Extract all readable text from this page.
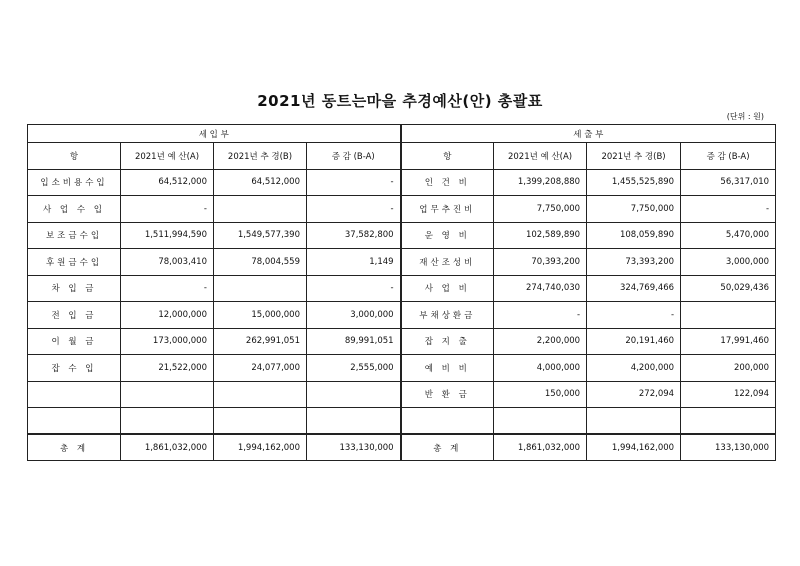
2021년 동트는마을 추경예산(안) 총괄표
(단위 : 원)
세 입 부				세 출 부			
항	2021년 예 산(A)	2021년 추 경(B)	증 감 (B-A)	항	2021년 예 산(A)	2021년 추 경(B)	증 감 (B-A)
입소비용수입	64,512,000	64,512,000	-	인 건 비	1,399,208,880	1,455,525,890	56,317,010
사 업 수 입	-		-	업무추진비	7,750,000	7,750,000	-
보조금수입	1,511,994,590	1,549,577,390	37,582,800	운 영 비	102,589,890	108,059,890	5,470,000
후원금수입	78,003,410	78,004,559	1,149	재산조성비	70,393,200	73,393,200	3,000,000
차 입 금	-		-	사 업 비	274,740,030	324,769,466	50,029,436
전 입 금	12,000,000	15,000,000	3,000,000	부채상환금	-	-	
이 월 금	173,000,000	262,991,051	89,991,051	잡 지 출	2,200,000	20,191,460	17,991,460
잡 수 입	21,522,000	24,077,000	2,555,000	예 비 비	4,000,000	4,200,000	200,000
				반 환 금	150,000	272,094	122,094

총 계	1,861,032,000	1,994,162,000	133,130,000	총 계	1,861,032,000	1,994,162,000	133,130,000
